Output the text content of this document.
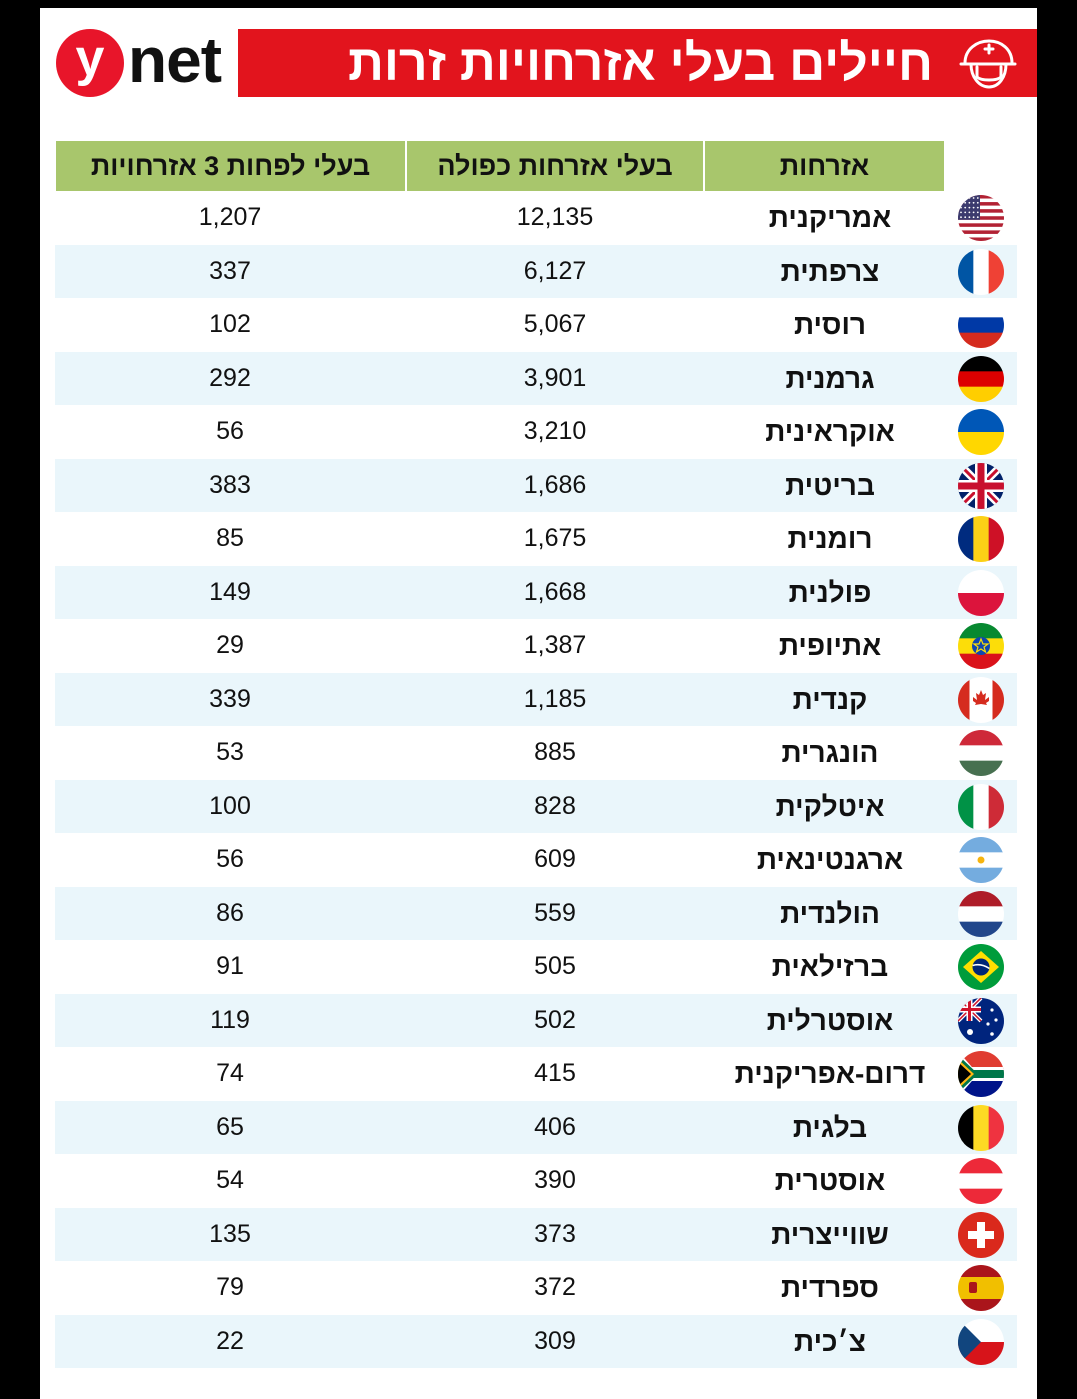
y net	חיילים בעלי אזרחויות זרות
אזרחות
בעלי אזרחות כפולה
בעלי לפחות 3 אזרחויות
אמריקנית
12,135
1,207
צרפתית
6,127
337
רוסית
5,067
102
גרמנית
3,901
292
אוקראינית
3,210
56
בריטית
1,686
383
רומנית
1,675
85
פולנית
1,668
149
אתיופית
1,387
29
קנדית
1,185
339
הונגרית
885
53
איטלקית
828
100
ארגנטינאית
609
56
הולנדית
559
86
ברזילאית
505
91
אוסטרלית
502
119
דרום-אפריקנית
415
74
בלגית
406
65
אוסטרית
390
54
שווייצרית
373
135
ספרדית
372
79
צ׳כית
309
22
